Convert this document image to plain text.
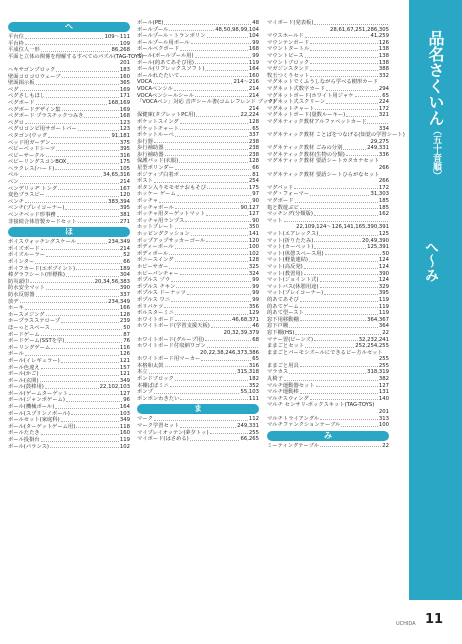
品名さくいん
（五十音順）
へ～み
へ
平台位	109～111
平台枠	109
平成位人一形	86,268
平面と立体の関係を理解するすべてのパズル(TAG-TOYS)
201
ヘキサゴンブロック	183
壁面コロコロウェーブ	160
壁面掲示板	365
ペグ	169
ペグさしもほし	171
ペグボード	168,169
ペグボードデザイン集	169
ペグボード プラスチックつみき	168
ペグロ	123
ペグロコンピ用サポートバー	123
ペタゴン(ウッグ	91,181
ベッド用ガーデン	375
ベビーベッドシーツ	395
ベビーサークル	316
ベビーリングスコンBOX	175
ヘラクレス(ハード)	105
ベル	34,65,316
ペン	214
ペンデリッヂ トング	167
変色ブラスビー	120
ペンチ	383,394
ベンチ(プレイコーナー)	395
ベンチベッド形事務	381
非接続合体管製カードセット	271
ほ
ポイスウォッチングスケール	234,349
ポイズボード	214
ポイズルーラー	52
ポインター	66
ポイフカード(エボブイント)	189
棒グラフシート(形標株)	304
防災頭巾	20,34,56,383
防水安全マット	390
防水反射器	337
放デ	234,349
ホーキ	166
ホースメジング	128
ホープラスステロープ	239
ほーっとスペース	50
ボードゲーム	87
ボードゲーム(SSTを学)	76
ボーリングゲーム	116
ボール	126
ボール(イレギュラー)	121
ボール色違え	157
ボール(かご)	121
ボール(玄関)	349
ボール(鼓棒用)	22,102,103
ボール(ゲームターゲット	127
ボール(ジャンボゲーム)	96
ボール(機械ボール)	164
ボール(スプリンノボール)	103
ボールセット(家庭科)	349
ボール(ターゲットゲーム用)	118
ボールたたき	160
ボール投掛台	119
ボール(バランス)	102
ボール(PE)	48
ボールプール	48,50,98,99,104
ボールプール・トランポリン	104
ボールプール用ボール	99
ボールベクボード	168
ボール(ボールプール用)	99
ボール(的あてあそび用)	119
ボール(リフレックスソフト)	164
ボールれたたいて	160
VOCA	214～216
VOCAペンシル	214
VOCAペンシールシール	214
「VOCAペン」対応 音声シール書(コムレフレンド ブック)
214
保健庫(タブレットPC用)	22,224
ポケットスイング	128
ポケットチャート	65
ポケットルーペ	337
歩行器	238
歩行補助器	238
歩行補助器	238
保護パッド(衣服)	128
星型ポリンダー	66
ポジティブ白着ボ	81
ポスト	254
ボタン入りモモゼナおもそび	175
ホッケー ゲーム	97
ボッチャ	90
ボッチャボール	90,127
ボッチャ用ターゲットマット	127
ボッチャ用ランプス	90
ホットプレート	350
ホッピングクッション	141
ボップアップサッカーゴール	120
ポディーボール	100
ポディボール	102
ボニースイング	128
ホビーサガー	325
ホビーパンチャー	324
ポプルス ゾウ	99
ポプルス チキン	99
ポプルス ドーナッツ	99
ポプルス ワニ	99
ポリバケツ	356
ポルスターミニ	129
ホワイトボード	46,68,371
ホワイトボード(学習支援天板)	46
20,32,39,379
ホワイトボード(グループ用)	68
ホワイトボード付収納ワゴン
20,22,38,246,373,386
ホワイトボード用マーカー	65
本格和太鼓	316
本立	315,318
ポンドブロック	182
本棚ぱぱミニ	352
ポンプ	55,103
ポンポンわきたい	111
ま
マーク	112
マーク学習セット	249,331
マイプレイオッテン(夢夕トッ)	255
マイボード(はさめる)	66,265
マイボード(発表板)
28,61,67,251,286,305
マウスホールド	41,259
マウンテンボード	126
マウントタートル	138
マウントピース	138
マウントブロック	138
マガジンスタンド	388
牧玉つくりセット	332
マグネットでくふうしながら学べる樹形カード
マグネット式数字カード	294
マグネットボード(ホワイト用ジャケ	65
マグネット式スクリーン	224
マグネットチャート	172
マグネットボード(量数ルーキー)	321
マグネティック教材アルファベットカード
334
マグネティック教材 ことばをつなげる(知覚の学習シート)
29,275
マグネティック教材 ごみの分別	249,331
マグネティック教材(生物の分類)	336
マグネティック教材 要語シートカタカナセット
266
マグネティック教材 要語シートひらがなセット
266
マグパッド	172
マグ・フォーマー	31,303
マグボード	185
処と数遊ぶビ	185
マッチング(分類版)	162
マット
22,109,124～126,141,165,390,391
マット(エアレックス)	125
マット(折りたたみ)	20,49,390
マット(カーペット)	125,391
マット(休憩スペース用)	50
マット(軽量連結)	124
マット(高反発)	124
マット(教習用)	390
マット(ジョイント式)	124
マットバス(休憩用途)	329
マット(プレイコーナー)	395
的あてあそび	119
的あてゲーム	119
的あて型ースト	119
窓下用移動棚	364,367
窓下戸棚	364
窓下棚(HS)	22
マナー習(ビーンズ)	32,232,241
ままごとセット	252,254,255
ままごとパーモシズールにできるビー方ルセット
255
ままごと用具	255
マラカス	318,319
丸椅子	382
マルチ運動器セット	127
マルチ運動棒	131
マルチスウィング	140
マルチ センサリ-ボックスキット(TAG-TOYS)
201
マルチトライアングル	313
マルチファンクションテーブル	100
み
ミーティングテーブル	22
UCHIDA 11
